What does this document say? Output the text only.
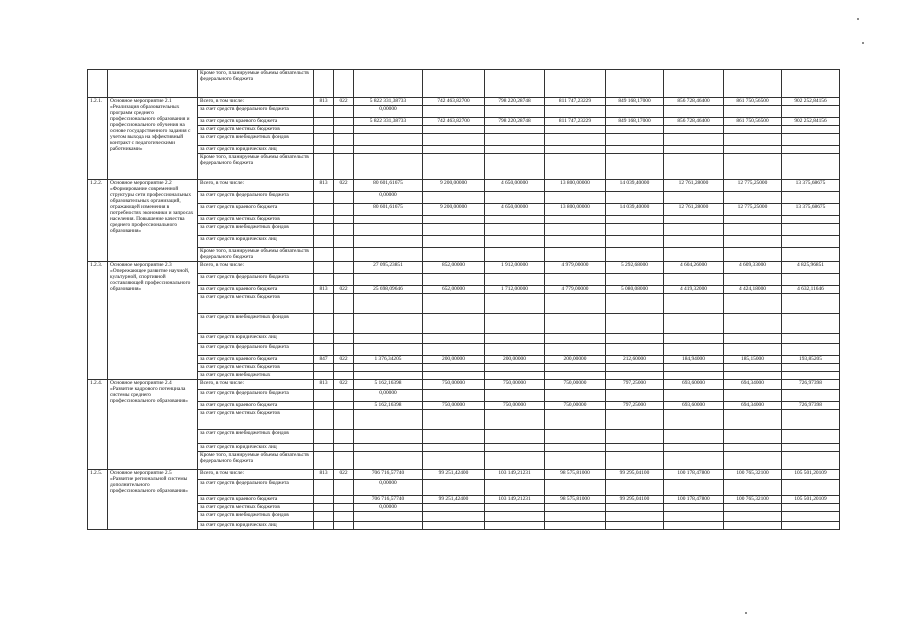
		Кроме того, планируемые объемы обязательств федерального бюджета										
1.2.1.	Основное мероприятие 2.1 «Реализация образовательных программ среднего профессионального образования и профессионального обучения на основе государственного задания с учетом выхода на эффективный контракт с педагогическими работниками»	Всего, в том числе:	813	022	5 822 331,38733	742 463,82700	798 220,28748	811 747,23229	849 168,17000	856 728,46400	861 750,56500	902 252,84156
		за счет средств федерального бюджета			0,00000							
		за счет средств краевого бюджета			5 822 331,38733	742 463,82700	798 220,28748	811 747,23229	849 168,17000	856 728,46400	861 750,56500	902 252,84156
		за счет средств местных бюджетов										
		за счет средств внебюджетных фондов										
		за счет средств юридических лиц										
		Кроме того, планируемые объемы обязательств федерального бюджета										
1.2.2.	Основное мероприятие 2.2 «Формирование современной структуры сети профессиональных образовательных организаций, отражающей изменения в потребностях экономики и запросах населения. Повышение качества среднего профессионального образования»	Всего, в том числе:	813	022	80 601,61675	9 200,00000	4 650,00000	13 800,00000	14 039,40000	12 761,28000	12 775,25000	13 375,68675
		за счет средств федерального бюджета			0,00000							
		за счет средств краевого бюджета			80 601,61675	9 200,00000	4 650,00000	13 800,00000	14 039,40000	12 761,28000	12 775,25000	13 375,68675
		за счет средств местных бюджетов										
		за счет средств внебюджетных фондов										
		за счет средств юридических лиц										
		Кроме того, планируемые объемы обязательств федерального бюджета										
1.2.3.	Основное мероприятие 2.3 «Опережающее развитие научной, культурной, спортивной составляющей профессионального образования»	Всего, в том числе:			27 095,23851	852,00000	1 912,00000	4 979,00000	5 292,68000	4 604,26000	4 609,33000	4 825,96851
		за счет средств федерального бюджета										
		за счет средств краевого бюджета	813	022	25 698,09646	652,00000	1 712,00000	4 779,00000	5 080,08000	4 419,32000	4 424,18000	4 632,11646
		за счет средств местных бюджетов										
		за счет средств внебюджетных фондов										
		за счет средств юридических лиц										
		за счет средств федерального бюджета										
		за счет средств краевого бюджета	847	022	1 376,34205	200,00000	200,00000	200,00000	212,60000	184,94000	185,15000	193,85205
		за счет средств местных бюджетов										
		за счет средств внебюджетных										
1.2.4.	Основное мероприятие 2.4 «Развитие кадрового потенциала системы среднего профессионального образования»	Всего, в том числе:	813	022	5 162,16398	750,00000	750,00000	750,00000	797,25000	693,60000	694,34000	726,97398
		за счет средств федерального бюджета			0,00000							
		за счет средств краевого бюджета			5 162,16398	750,00000	750,00000	750,00000	797,25000	693,60000	694,34000	726,97398
		за счет средств местных бюджетов										
		за счет средств внебюджетных фондов										
		за счет средств юридических лиц										
		Кроме того, планируемые объемы обязательств федерального бюджета										
1.2.5.	Основное мероприятие 2.5 «Развитие региональной системы дополнительного профессионального образования»	Всего, в том числе:	813	022	706 716,57740	99 251,42400	103 149,21231	98 575,81000	99 295,04100	100 178,47800	100 765,32100	105 501,20109
		за счет средств федерального бюджета			0,00000							
		за счет средств краевого бюджета			706 716,57740	99 251,42400	103 149,21231	98 575,81000	99 295,04100	100 178,47800	100 765,32100	105 501,20109
		за счет средств местных бюджетов			0,00000							
		за счет средств внебюджетных фондов										
		за счет средств юридических лиц										
